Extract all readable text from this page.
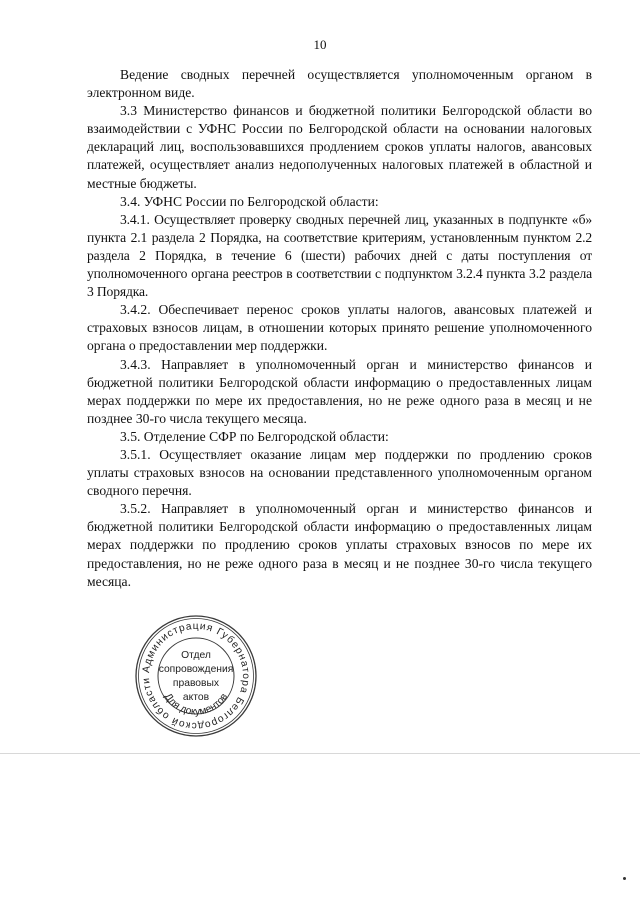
10

Ведение сводных перечней осуществляется уполномоченным органом в электронном виде.

3.3 Министерство финансов и бюджетной политики Белгородской области во взаимодействии с УФНС России по Белгородской области на основании налоговых деклараций лиц, воспользовавшихся продлением сроков уплаты налогов, авансовых платежей, осуществляет анализ недополученных налоговых платежей в областной и местные бюджеты.

3.4. УФНС России по Белгородской области:

3.4.1. Осуществляет проверку сводных перечней лиц, указанных в подпункте «б» пункта 2.1 раздела 2 Порядка, на соответствие критериям, установленным пунктом 2.2 раздела 2 Порядка, в течение 6 (шести) рабочих дней с даты поступления от уполномоченного органа реестров в соответствии с подпунктом 3.2.4 пункта 3.2 раздела 3 Порядка.

3.4.2. Обеспечивает перенос сроков уплаты налогов, авансовых платежей и страховых взносов лицам, в отношении которых принято решение уполномоченного органа о предоставлении мер поддержки.

3.4.3. Направляет в уполномоченный орган и министерство финансов и бюджетной политики Белгородской области информацию о предоставленных лицам мерах поддержки по мере их предоставления, но не реже одного раза в месяц и не позднее 30-го числа текущего месяца.

3.5. Отделение СФР по Белгородской области:

3.5.1. Осуществляет оказание лицам мер поддержки по продлению сроков уплаты страховых взносов на основании представленного уполномоченным органом сводного перечня.

3.5.2. Направляет в уполномоченный орган и министерство финансов и бюджетной политики Белгородской области информацию о предоставленных лицам мерах поддержки по продлению сроков уплаты страховых взносов по мере их предоставления, но не реже одного раза в месяц и не позднее 30-го числа текущего месяца.

Администрация Губернатора Белгородской области
Для документов
Отдел
сопровождения
правовых
актов
